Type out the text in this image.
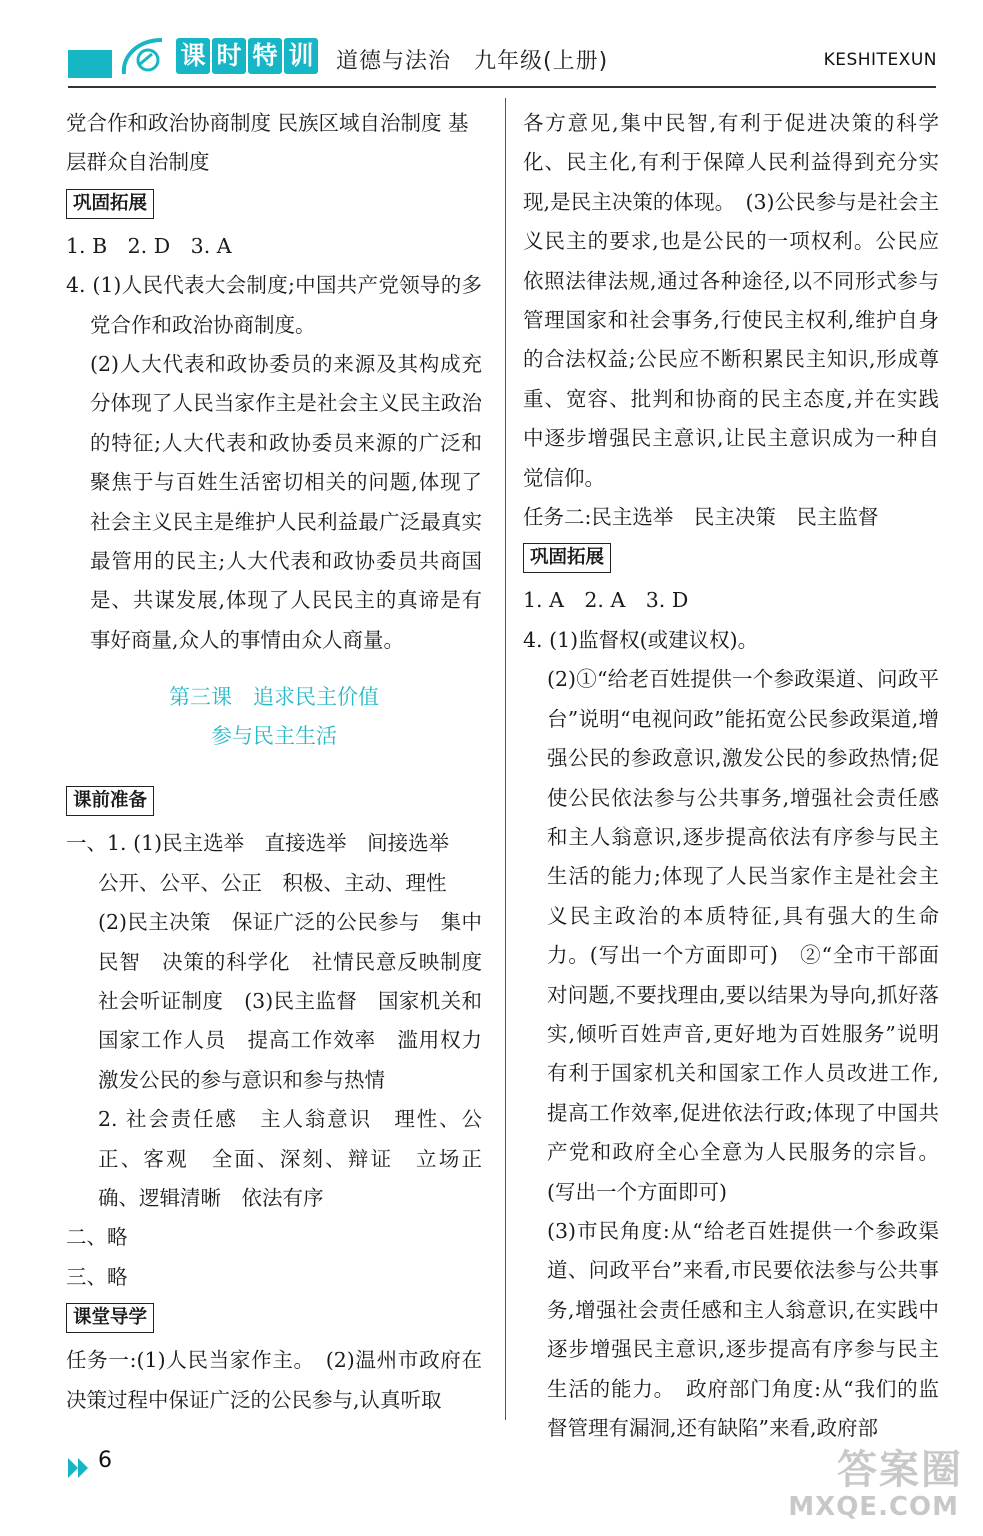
课 时 特 训 道德与法治　九年级(上册)	KESHITEXUN

党合作和政治协商制度 民族区域自治制度 基

层群众自治制度

巩固拓展

1. B　2. D　3. A

4. (1)人民代表大会制度;中国共产党领导的多党合作和政治协商制度。

(2)人大代表和政协委员的来源及其构成充分体现了人民当家作主是社会主义民主政治的特征;人大代表和政协委员来源的广泛和聚焦于与百姓生活密切相关的问题,体现了社会主义民主是维护人民利益最广泛最真实最管用的民主;人大代表和政协委员共商国是、共谋发展,体现了人民民主的真谛是有事好商量,众人的事情由众人商量。

第三课　追求民主价值
参与民主生活
课前准备

一、1. (1)民主选举　直接选举　间接选举

公开、公平、公正　积极、主动、理性

(2)民主决策　保证广泛的公民参与　集中民智　决策的科学化　社情民意反映制度　社会听证制度　(3)民主监督　国家机关和国家工作人员　提高工作效率　滥用权力　激发公民的参与意识和参与热情

2. 社会责任感　主人翁意识　理性、公正、客观　全面、深刻、辩证　立场正确、逻辑清晰　依法有序

二、略

三、略

课堂导学

任务一:(1)人民当家作主。　(2)温州市政府在决策过程中保证广泛的公民参与,认真听取

各方意见,集中民智,有利于促进决策的科学化、民主化,有利于保障人民利益得到充分实现,是民主决策的体现。　(3)公民参与是社会主义民主的要求,也是公民的一项权利。公民应依照法律法规,通过各种途径,以不同形式参与管理国家和社会事务,行使民主权利,维护自身的合法权益;公民应不断积累民主知识,形成尊重、宽容、批判和协商的民主态度,并在实践中逐步增强民主意识,让民主意识成为一种自觉信仰。

任务二:民主选举　民主决策　民主监督

巩固拓展

1. A　2. A　3. D

4. (1)监督权(或建议权)。

(2)①“给老百姓提供一个参政渠道、问政平台”说明“电视问政”能拓宽公民参政渠道,增强公民的参政意识,激发公民的参政热情;促使公民依法参与公共事务,增强社会责任感和主人翁意识,逐步提高依法有序参与民主生活的能力;体现了人民当家作主是社会主义民主政治的本质特征,具有强大的生命力。(写出一个方面即可)　②“全市干部面对问题,不要找理由,要以结果为导向,抓好落实,倾听百姓声音,更好地为百姓服务”说明有利于国家机关和国家工作人员改进工作,提高工作效率,促进依法行政;体现了中国共产党和政府全心全意为人民服务的宗旨。(写出一个方面即可)

(3)市民角度:从“给老百姓提供一个参政渠道、问政平台”来看,市民要依法参与公共事务,增强社会责任感和主人翁意识,在实践中逐步增强民主意识,逐步提高有序参与民主生活的能力。　政府部门角度:从“我们的监督管理有漏洞,还有缺陷”来看,政府部

6	答案圈
MXQE.COM
